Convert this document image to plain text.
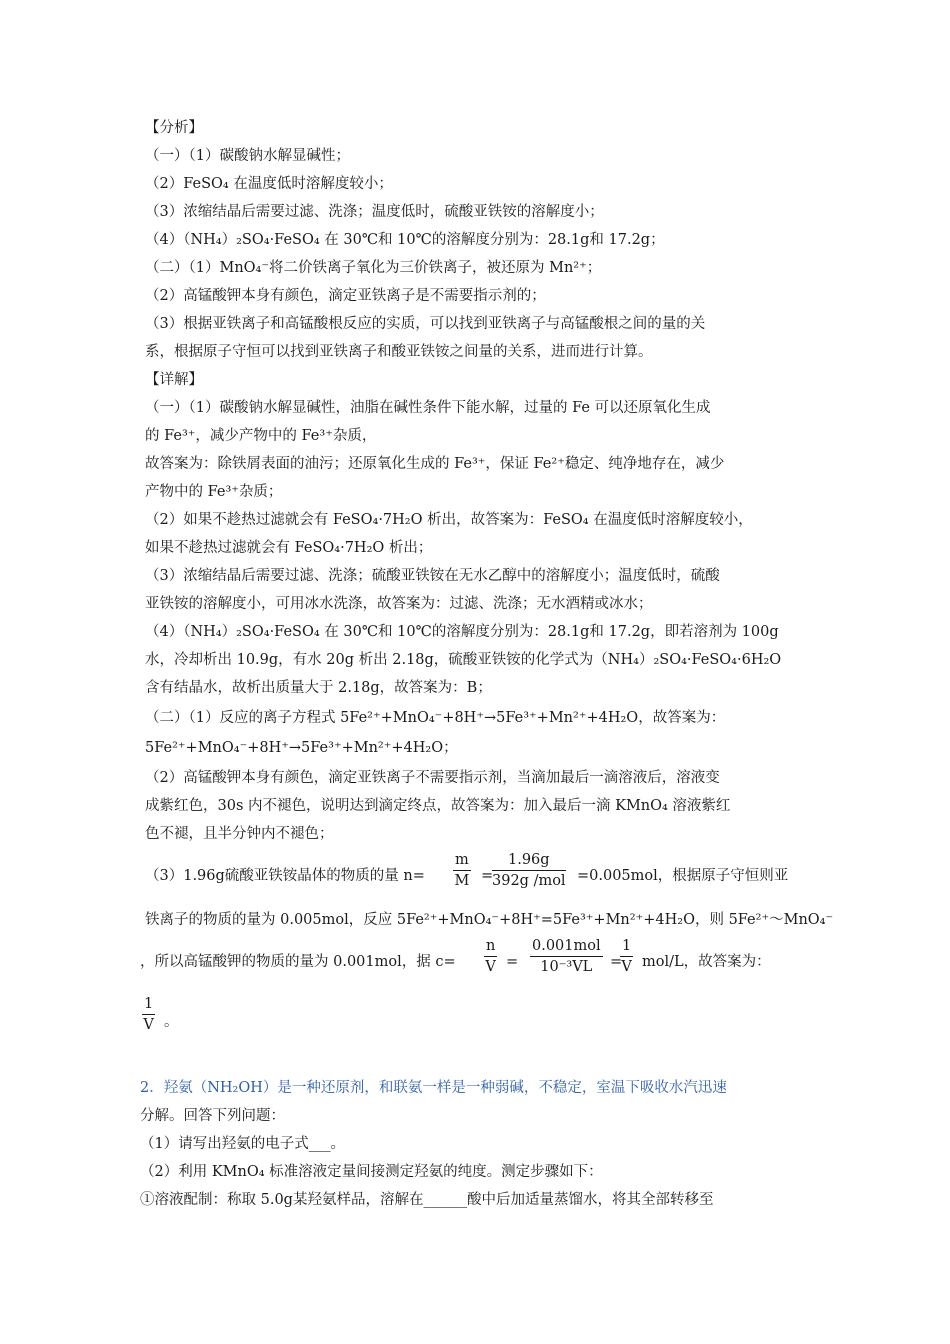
【分析】
（一）（1）碳酸钠水解显碱性；
（2）FeSO₄ 在温度低时溶解度较小；
（3）浓缩结晶后需要过滤、洗涤；温度低时，硫酸亚铁铵的溶解度小；
（4）（NH₄）₂SO₄·FeSO₄ 在 30℃和 10℃的溶解度分别为：28.1g和 17.2g；
（二）（1）MnO₄⁻将二价铁离子氧化为三价铁离子，被还原为 Mn²⁺；
（2）高锰酸钾本身有颜色，滴定亚铁离子是不需要指示剂的；
（3）根据亚铁离子和高锰酸根反应的实质，可以找到亚铁离子与高锰酸根之间的量的关
系，根据原子守恒可以找到亚铁离子和酸亚铁铵之间量的关系，进而进行计算。
【详解】
（一）（1）碳酸钠水解显碱性，油脂在碱性条件下能水解，过量的 Fe 可以还原氧化生成
的 Fe³⁺，减少产物中的 Fe³⁺杂质，
故答案为：除铁屑表面的油污；还原氧化生成的 Fe³⁺，保证 Fe²⁺稳定、纯净地存在，减少
产物中的 Fe³⁺杂质；
（2）如果不趁热过滤就会有 FeSO₄·7H₂O 析出，故答案为：FeSO₄ 在温度低时溶解度较小，
如果不趁热过滤就会有 FeSO₄·7H₂O 析出；
（3）浓缩结晶后需要过滤、洗涤；硫酸亚铁铵在无水乙醇中的溶解度小；温度低时，硫酸
亚铁铵的溶解度小，可用冰水洗涤，故答案为：过滤、洗涤；无水酒精或冰水；
（4）（NH₄）₂SO₄·FeSO₄ 在 30℃和 10℃的溶解度分别为：28.1g和 17.2g，即若溶剂为 100g
水，冷却析出 10.9g，有水 20g 析出 2.18g，硫酸亚铁铵的化学式为（NH₄）₂SO₄·FeSO₄·6H₂O
含有结晶水，故析出质量大于 2.18g，故答案为：B；
（二）（1）反应的离子方程式 5Fe²⁺+MnO₄⁻+8H⁺→5Fe³⁺+Mn²⁺+4H₂O，故答案为：
5Fe²⁺+MnO₄⁻+8H⁺→5Fe³⁺+Mn²⁺+4H₂O；
（2）高锰酸钾本身有颜色，滴定亚铁离子不需要指示剂，当滴加最后一滴溶液后，溶液变
成紫红色，30s 内不褪色，说明达到滴定终点，故答案为：加入最后一滴 KMnO₄ 溶液紫红
色不褪，且半分钟内不褪色；
（3）1.96g硫酸亚铁铵晶体的物质的量 $n= \frac{m}{M}$ =
1.96g
392g /mol =0.005mol，根据原子守恒则亚
铁离子的物质的量为 0.005mol，反应 5Fe²⁺+MnO₄⁻+8H⁺=5Fe³⁺+Mn²⁺+4H₂O，则 5Fe²⁺～MnO₄⁻
，所以高锰酸钾的物质的量为 0.001mol，据 $c= \frac{n}{V}$ =
0.001mol
10⁻³VL	=
$\frac{1}{V} mol/L$，故答案为：
$\frac{1}{V}$ 。
2．羟氨（NH₂OH）是一种还原剂，和联氨一样是一种弱碱，不稳定，室温下吸收水汽迅速
分解。回答下列问题：
（1）请写出羟氨的电子式___。
（2）利用 KMnO₄ 标准溶液定量间接测定羟氨的纯度。测定步骤如下：
①溶液配制：称取 5.0g某羟氨样品，溶解在______酸中后加适量蒸馏水，将其全部转移至
